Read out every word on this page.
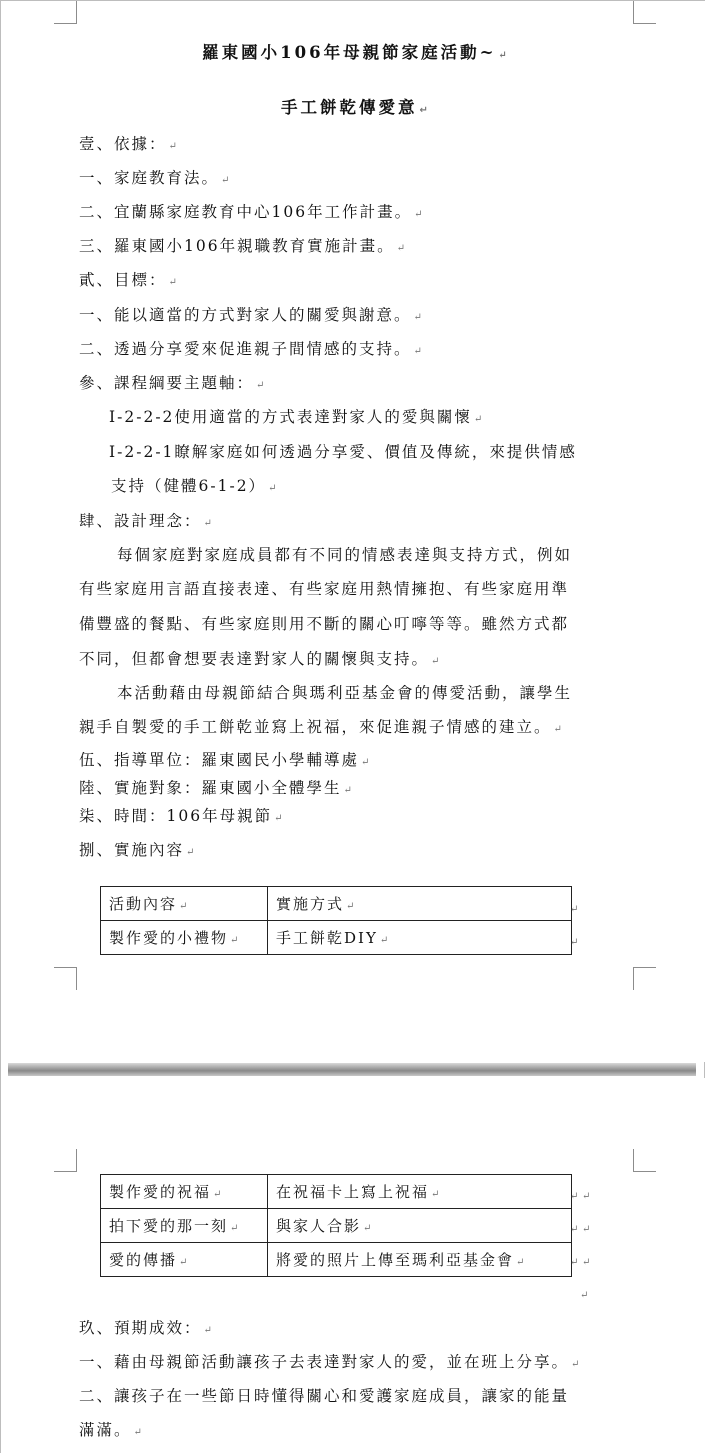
羅東國小106年母親節家庭活動~ ↵
手工餅乾傳愛意 ↵
壹、依據： ↵
一、家庭教育法。 ↵
二、宜蘭縣家庭教育中心106年工作計畫。 ↵
三、羅東國小106年親職教育實施計畫。 ↵
貳、目標： ↵
一、能以適當的方式對家人的關愛與謝意。 ↵
二、透過分享愛來促進親子間情感的支持。 ↵
參、課程綱要主題軸： ↵
I-2-2-2使用適當的方式表達對家人的愛與關懷 ↵
I-2-2-1瞭解家庭如何透過分享愛、價值及傳統，來提供情感
支持（健體6-1-2） ↵
肆、設計理念： ↵
每個家庭對家庭成員都有不同的情感表達與支持方式，例如
有些家庭用言語直接表達、有些家庭用熱情擁抱、有些家庭用準
備豐盛的餐點、有些家庭則用不斷的關心叮嚀等等。雖然方式都
不同，但都會想要表達對家人的關懷與支持。 ↵
本活動藉由母親節結合與瑪利亞基金會的傳愛活動，讓學生
親手自製愛的手工餅乾並寫上祝福，來促進親子情感的建立。 ↵
伍、指導單位：羅東國民小學輔導處 ↵
陸、實施對象：羅東國小全體學生 ↵
柒、時間：106年母親節 ↵
捌、實施內容 ↵
活動內容 ↵	實施方式 ↵
製作愛的小禮物 ↵	手工餅乾DIY ↵
↵
↵
製作愛的祝福 ↵	在祝福卡上寫上祝福 ↵
拍下愛的那一刻 ↵	與家人合影 ↵
愛的傳播 ↵	將愛的照片上傳至瑪利亞基金會 ↵
↵ ↵
↵ ↵
↵ ↵
↵
玖、預期成效： ↵
一、藉由母親節活動讓孩子去表達對家人的愛，並在班上分享。 ↵
二、讓孩子在一些節日時懂得關心和愛護家庭成員，讓家的能量
滿滿。 ↵
